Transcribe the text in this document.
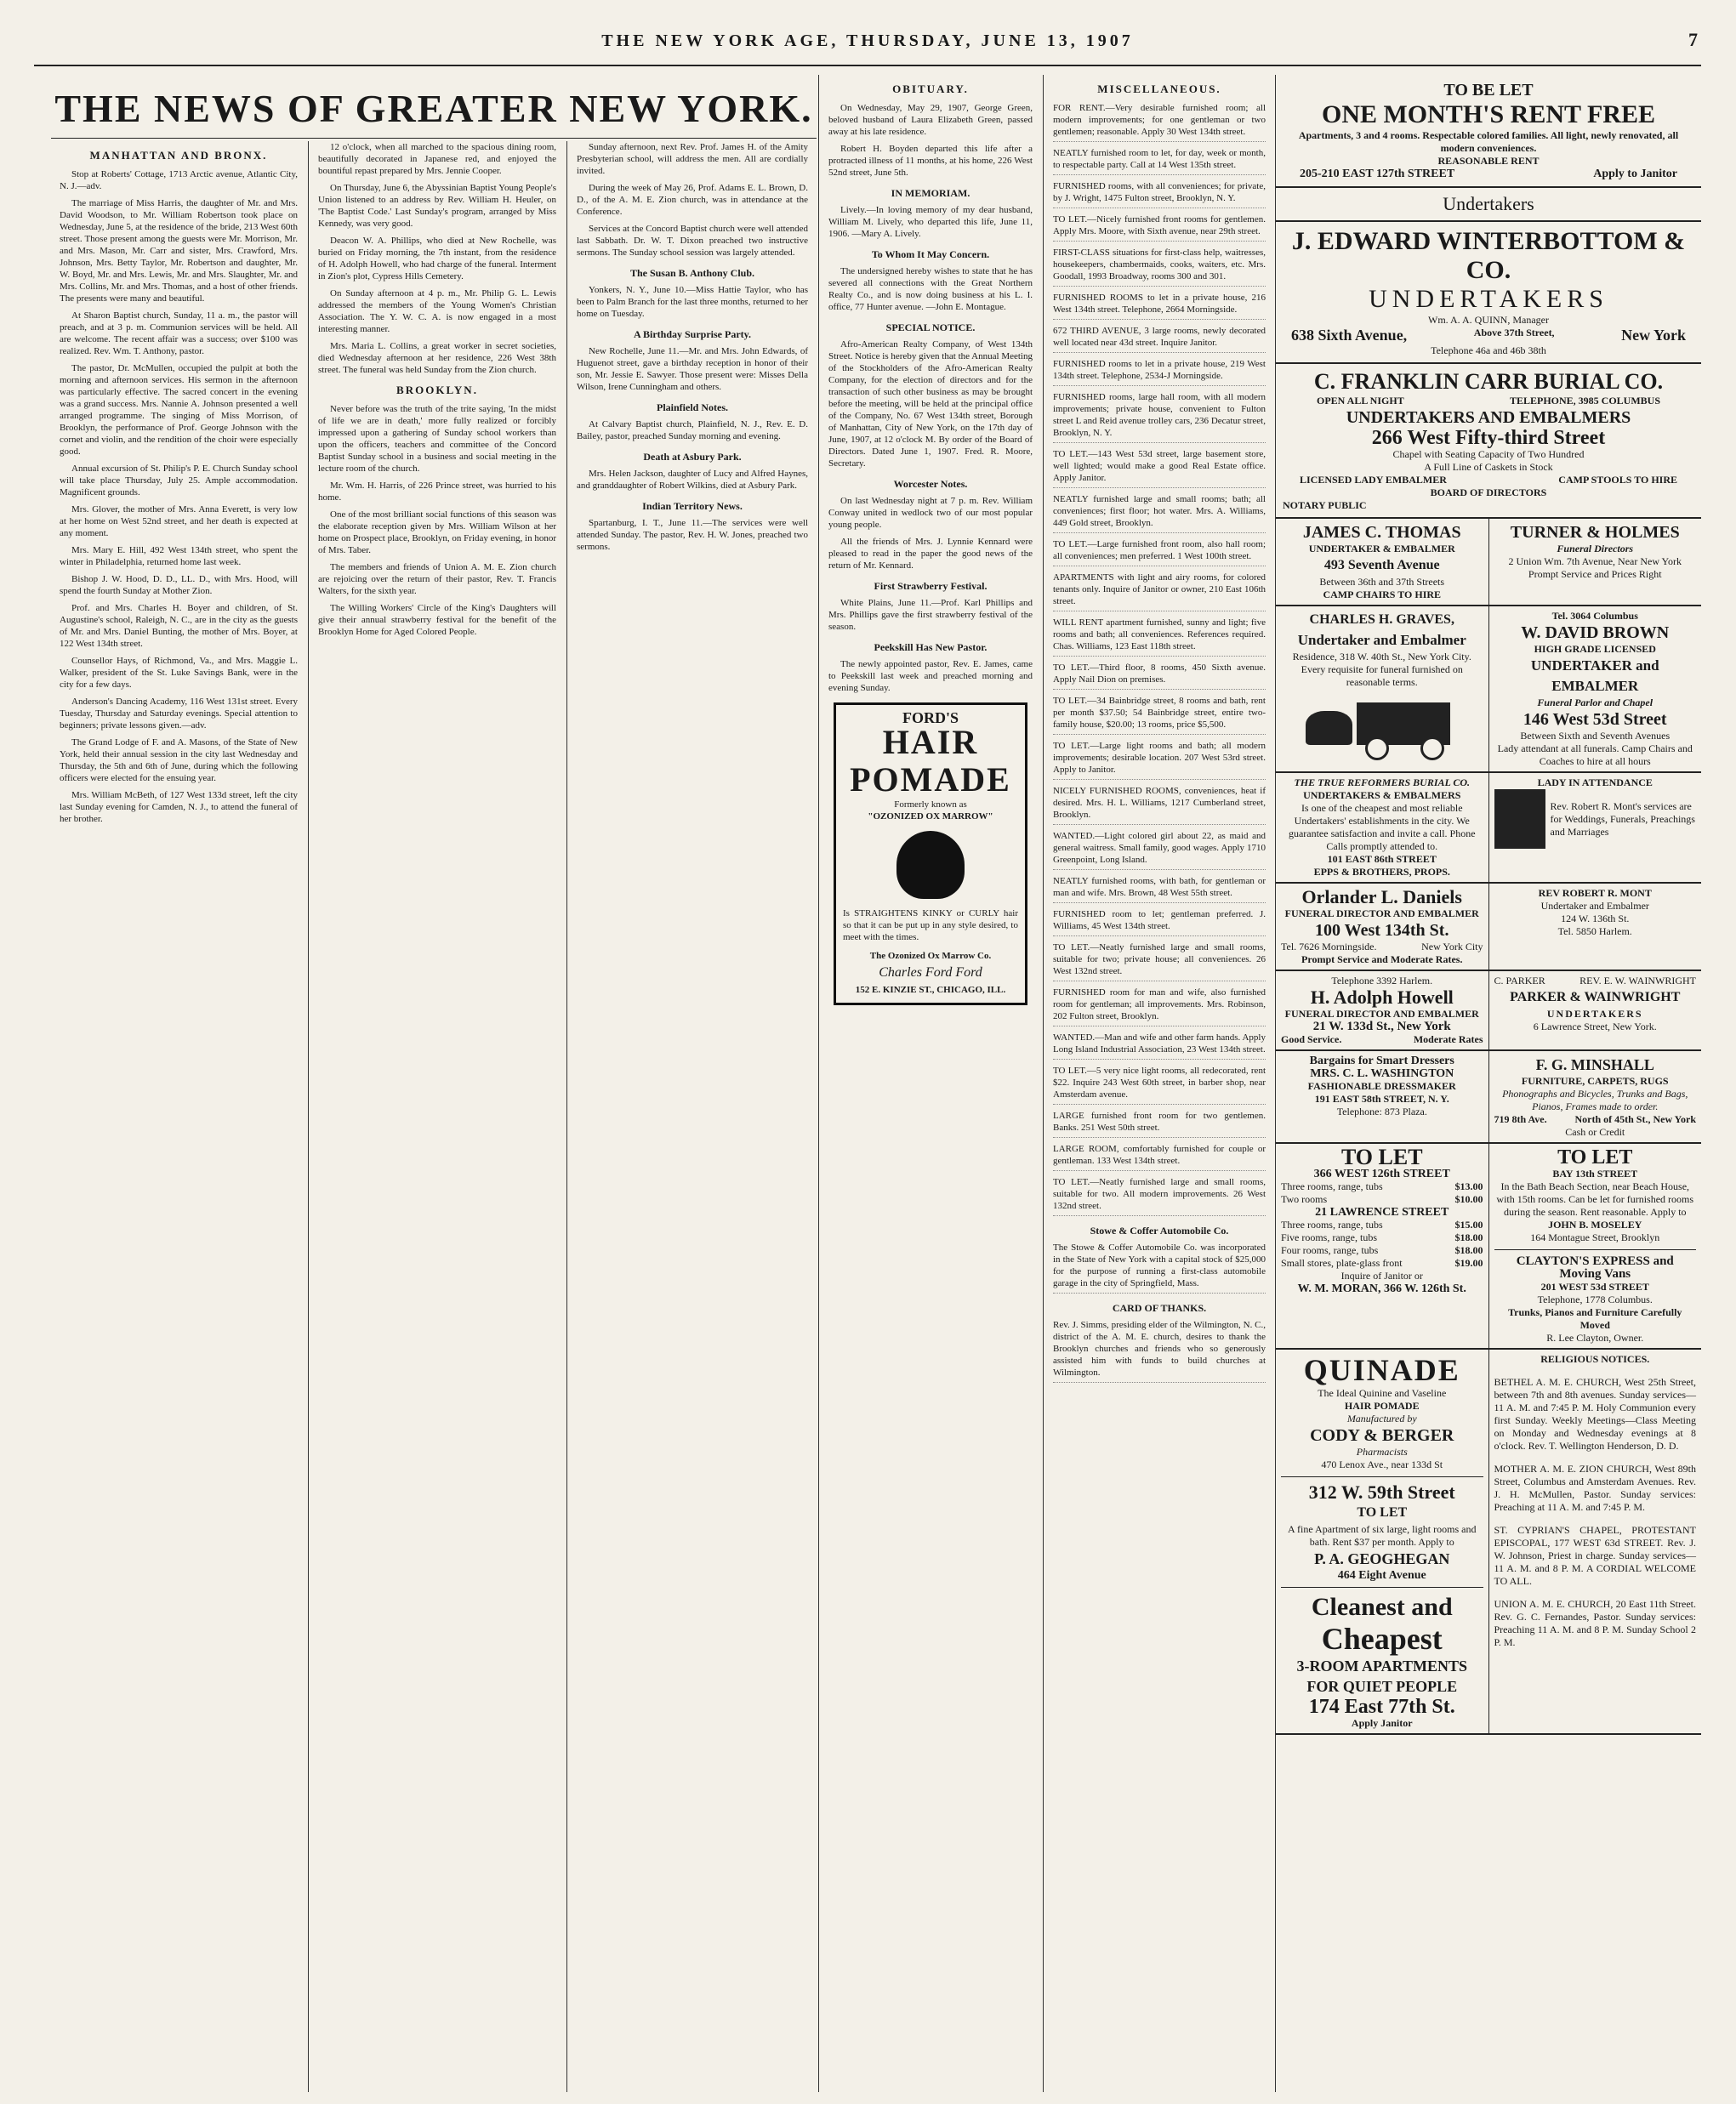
THE NEW YORK AGE, THURSDAY, JUNE 13, 1907	7
THE NEWS OF GREATER NEW YORK.
MANHATTAN AND BRONX.

Stop at Roberts' Cottage, 1713 Arctic avenue, Atlantic City, N. J.—adv.

The marriage of Miss Harris, the daughter of Mr. and Mrs. David Woodson, to Mr. William Robertson took place on Wednesday, June 5, at the residence of the bride, 213 West 60th street. Those present among the guests were Mr. Morrison, Mr. and Mrs. Mason, Mr. Carr and sister, Mrs. Crawford, Mrs. Johnson, Mrs. Betty Taylor, Mr. Robertson and daughter, Mr. W. Boyd, Mr. and Mrs. Lewis, Mr. and Mrs. Slaughter, Mr. and Mrs. Collins, Mr. and Mrs. Thomas, and a host of other friends. The presents were many and beautiful.

At Sharon Baptist church, Sunday, 11 a. m., the pastor will preach, and at 3 p. m. Communion services will be held. All are welcome. The recent affair was a success; over $100 was realized. Rev. Wm. T. Anthony, pastor.

The pastor, Dr. McMullen, occupied the pulpit at both the morning and afternoon services. His sermon in the afternoon was particularly effective. The sacred concert in the evening was a grand success. Mrs. Nannie A. Johnson presented a well arranged programme. The singing of Miss Morrison, of Brooklyn, the performance of Prof. George Johnson with the cornet and violin, and the rendition of the choir were especially good.

Annual excursion of St. Philip's P. E. Church Sunday school will take place Thursday, July 25. Ample accommodation. Magnificent grounds.

Mrs. Glover, the mother of Mrs. Anna Everett, is very low at her home on West 52nd street, and her death is expected at any moment.

Mrs. Mary E. Hill, 492 West 134th street, who spent the winter in Philadelphia, returned home last week.

Bishop J. W. Hood, D. D., LL. D., with Mrs. Hood, will spend the fourth Sunday at Mother Zion.

Prof. and Mrs. Charles H. Boyer and children, of St. Augustine's school, Raleigh, N. C., are in the city as the guests of Mr. and Mrs. Daniel Bunting, the mother of Mrs. Boyer, at 122 West 134th street.

Counsellor Hays, of Richmond, Va., and Mrs. Maggie L. Walker, president of the St. Luke Savings Bank, were in the city for a few days.

Anderson's Dancing Academy, 116 West 131st street. Every Tuesday, Thursday and Saturday evenings. Special attention to beginners; private lessons given.—adv.

The Grand Lodge of F. and A. Masons, of the State of New York, held their annual session in the city last Wednesday and Thursday, the 5th and 6th of June, during which the following officers were elected for the ensuing year.

Mrs. William McBeth, of 127 West 133d street, left the city last Sunday evening for Camden, N. J., to attend the funeral of her brother.

12 o'clock, when all marched to the spacious dining room, beautifully decorated in Japanese red, and enjoyed the bountiful repast prepared by Mrs. Jennie Cooper.

On Thursday, June 6, the Abyssinian Baptist Young People's Union listened to an address by Rev. William H. Heuler, on 'The Baptist Code.' Last Sunday's program, arranged by Miss Kennedy, was very good.

Deacon W. A. Phillips, who died at New Rochelle, was buried on Friday morning, the 7th instant, from the residence of H. Adolph Howell, who had charge of the funeral. Interment in Zion's plot, Cypress Hills Cemetery.

On Sunday afternoon at 4 p. m., Mr. Philip G. L. Lewis addressed the members of the Young Women's Christian Association. The Y. W. C. A. is now engaged in a most interesting manner.

Mrs. Maria L. Collins, a great worker in secret societies, died Wednesday afternoon at her residence, 226 West 38th street. The funeral was held Sunday from the Zion church.

BROOKLYN.

Never before was the truth of the trite saying, 'In the midst of life we are in death,' more fully realized or forcibly impressed upon a gathering of Sunday school workers than upon the officers, teachers and committee of the Concord Baptist Sunday school in a business and social meeting in the lecture room of the church.

Mr. Wm. H. Harris, of 226 Prince street, was hurried to his home.

One of the most brilliant social functions of this season was the elaborate reception given by Mrs. William Wilson at her home on Prospect place, Brooklyn, on Friday evening, in honor of Mrs. Taber.

The members and friends of Union A. M. E. Zion church are rejoicing over the return of their pastor, Rev. T. Francis Walters, for the sixth year.

The Willing Workers' Circle of the King's Daughters will give their annual strawberry festival for the benefit of the Brooklyn Home for Aged Colored People.

Sunday afternoon, next Rev. Prof. James H. of the Amity Presbyterian school, will address the men. All are cordially invited.

During the week of May 26, Prof. Adams E. L. Brown, D. D., of the A. M. E. Zion church, was in attendance at the Conference.

Services at the Concord Baptist church were well attended last Sabbath. Dr. W. T. Dixon preached two instructive sermons. The Sunday school session was largely attended.

The Susan B. Anthony Club.

Yonkers, N. Y., June 10.—Miss Hattie Taylor, who has been to Palm Branch for the last three months, returned to her home on Tuesday.

A Birthday Surprise Party.

New Rochelle, June 11.—Mr. and Mrs. John Edwards, of Huguenot street, gave a birthday reception in honor of their son, Mr. Jessie E. Sawyer. Those present were: Misses Della Wilson, Irene Cunningham and others.

Plainfield Notes.

At Calvary Baptist church, Plainfield, N. J., Rev. E. D. Bailey, pastor, preached Sunday morning and evening.

Death at Asbury Park.

Mrs. Helen Jackson, daughter of Lucy and Alfred Haynes, and granddaughter of Robert Wilkins, died at Asbury Park.

Indian Territory News.

Spartanburg, I. T., June 11.—The services were well attended Sunday. The pastor, Rev. H. W. Jones, preached two sermons.

OBITUARY.

On Wednesday, May 29, 1907, George Green, beloved husband of Laura Elizabeth Green, passed away at his late residence.

Robert H. Boyden departed this life after a protracted illness of 11 months, at his home, 226 West 52nd street, June 5th.

IN MEMORIAM.

Lively.—In loving memory of my dear husband, William M. Lively, who departed this life, June 11, 1906. —Mary A. Lively.

To Whom It May Concern.

The undersigned hereby wishes to state that he has severed all connections with the Great Northern Realty Co., and is now doing business at his L. I. office, 77 Hunter avenue. —John E. Montague.

SPECIAL NOTICE.

Afro-American Realty Company, of West 134th Street. Notice is hereby given that the Annual Meeting of the Stockholders of the Afro-American Realty Company, for the election of directors and for the transaction of such other business as may be brought before the meeting, will be held at the principal office of the Company, No. 67 West 134th street, Borough of Manhattan, City of New York, on the 17th day of June, 1907, at 12 o'clock M. By order of the Board of Directors. Dated June 1, 1907. Fred. R. Moore, Secretary.

Worcester Notes.

On last Wednesday night at 7 p. m. Rev. William Conway united in wedlock two of our most popular young people.

All the friends of Mrs. J. Lynnie Kennard were pleased to read in the paper the good news of the return of Mr. Kennard.

First Strawberry Festival.

White Plains, June 11.—Prof. Karl Phillips and Mrs. Phillips gave the first strawberry festival of the season.

Peekskill Has New Pastor.

The newly appointed pastor, Rev. E. James, came to Peekskill last week and preached morning and evening Sunday.

FORD'S
HAIR POMADE
Formerly known as
"OZONIZED OX MARROW"
Is STRAIGHTENS KINKY or CURLY hair so that it can be put up in any style desired, to meet with the times.
The Ozonized Ox Marrow Co.
Charles Ford Ford
152 E. KINZIE ST., CHICAGO, ILL.
MISCELLANEOUS.

FOR RENT.—Very desirable furnished room; all modern improvements; for one gentleman or two gentlemen; reasonable. Apply 30 West 134th street.

NEATLY furnished room to let, for day, week or month, to respectable party. Call at 14 West 135th street.

FURNISHED rooms, with all conveniences; for private, by J. Wright, 1475 Fulton street, Brooklyn, N. Y.

TO LET.—Nicely furnished front rooms for gentlemen. Apply Mrs. Moore, with Sixth avenue, near 29th street.

FIRST-CLASS situations for first-class help, waitresses, housekeepers, chambermaids, cooks, waiters, etc. Mrs. Goodall, 1993 Broadway, rooms 300 and 301.

FURNISHED ROOMS to let in a private house, 216 West 134th street. Telephone, 2664 Morningside.

672 THIRD AVENUE, 3 large rooms, newly decorated well located near 43d street. Inquire Janitor.

FURNISHED rooms to let in a private house, 219 West 134th street. Telephone, 2534-J Morningside.

FURNISHED rooms, large hall room, with all modern improvements; private house, convenient to Fulton street L and Reid avenue trolley cars, 236 Decatur street, Brooklyn, N. Y.

TO LET.—143 West 53d street, large basement store, well lighted; would make a good Real Estate office. Apply Janitor.

NEATLY furnished large and small rooms; bath; all conveniences; first floor; hot water. Mrs. A. Williams, 449 Gold street, Brooklyn.

TO LET.—Large furnished front room, also hall room; all conveniences; men preferred. 1 West 100th street.

APARTMENTS with light and airy rooms, for colored tenants only. Inquire of Janitor or owner, 210 East 106th street.

WILL RENT apartment furnished, sunny and light; five rooms and bath; all conveniences. References required. Chas. Williams, 123 East 118th street.

TO LET.—Third floor, 8 rooms, 450 Sixth avenue. Apply Nail Dion on premises.

TO LET.—34 Bainbridge street, 8 rooms and bath, rent per month $37.50; 54 Bainbridge street, entire two-family house, $20.00; 13 rooms, price $5,500.

TO LET.—Large light rooms and bath; all modern improvements; desirable location. 207 West 53rd street. Apply to Janitor.

NICELY FURNISHED ROOMS, conveniences, heat if desired. Mrs. H. L. Williams, 1217 Cumberland street, Brooklyn.

WANTED.—Light colored girl about 22, as maid and general waitress. Small family, good wages. Apply 1710 Greenpoint, Long Island.

NEATLY furnished rooms, with bath, for gentleman or man and wife. Mrs. Brown, 48 West 55th street.

FURNISHED room to let; gentleman preferred. J. Williams, 45 West 134th street.

TO LET.—Neatly furnished large and small rooms, suitable for two; private house; all conveniences. 26 West 132nd street.

FURNISHED room for man and wife, also furnished room for gentleman; all improvements. Mrs. Robinson, 202 Fulton street, Brooklyn.

WANTED.—Man and wife and other farm hands. Apply Long Island Industrial Association, 23 West 134th street.

TO LET.—5 very nice light rooms, all redecorated, rent $22. Inquire 243 West 60th street, in barber shop, near Amsterdam avenue.

LARGE furnished front room for two gentlemen. Banks. 251 West 50th street.

LARGE ROOM, comfortably furnished for couple or gentleman. 133 West 134th street.

TO LET.—Neatly furnished large and small rooms, suitable for two. All modern improvements. 26 West 132nd street.

Stowe & Coffer Automobile Co.

The Stowe & Coffer Automobile Co. was incorporated in the State of New York with a capital stock of $25,000 for the purpose of running a first-class automobile garage in the city of Springfield, Mass.

CARD OF THANKS.

Rev. J. Simms, presiding elder of the Wilmington, N. C., district of the A. M. E. church, desires to thank the Brooklyn churches and friends who so generously assisted him with funds to build churches at Wilmington.

TO BE LET
ONE MONTH'S RENT FREE
Apartments, 3 and 4 rooms. Respectable colored families. All light, newly renovated, all modern conveniences.
REASONABLE RENT
205-210 EAST 127th STREET	Apply to Janitor
Undertakers
J. EDWARD WINTERBOTTOM & CO.
UNDERTAKERS
Wm. A. A. QUINN, Manager
638 Sixth Avenue,	Above 37th Street,	New York
Telephone 46a and 46b 38th
C. FRANKLIN CARR BURIAL CO.
OPEN ALL NIGHT	TELEPHONE, 3985 COLUMBUS
UNDERTAKERS AND EMBALMERS
266 West Fifty-third Street
Chapel with Seating Capacity of Two Hundred
A Full Line of Caskets in Stock
LICENSED LADY EMBALMER	CAMP STOOLS TO HIRE
BOARD OF DIRECTORS
NOTARY PUBLIC
JAMES C. THOMAS
UNDERTAKER & EMBALMER
493 Seventh Avenue
Between 36th and 37th Streets
CAMP CHAIRS TO HIRE
TURNER & HOLMES
Funeral Directors
2 Union Wm. 7th Avenue, Near New York
Prompt Service and Prices Right
CHARLES H. GRAVES,
Undertaker and Embalmer
Residence, 318 W. 40th St., New York City. Every requisite for funeral furnished on reasonable terms.
Tel. 3064 Columbus
W. DAVID BROWN
HIGH GRADE LICENSED
UNDERTAKER and EMBALMER
Funeral Parlor and Chapel
146 West 53d Street
Between Sixth and Seventh Avenues
Lady attendant at all funerals. Camp Chairs and Coaches to hire at all hours
THE TRUE REFORMERS BURIAL CO.
UNDERTAKERS & EMBALMERS
Is one of the cheapest and most reliable Undertakers' establishments in the city. We guarantee satisfaction and invite a call. Phone Calls promptly attended to.
101 EAST 86th STREET
EPPS & BROTHERS, PROPS.
LADY IN ATTENDANCE
Rev. Robert R. Mont's services are for Weddings, Funerals, Preachings and Marriages
Orlander L. Daniels
FUNERAL DIRECTOR AND EMBALMER
100 West 134th St.
Tel. 7626 Morningside.	New York City
Prompt Service and Moderate Rates.
REV ROBERT R. MONT
Undertaker and Embalmer
124 W. 136th St.
Tel. 5850 Harlem.
Telephone 3392 Harlem.
H. Adolph Howell
FUNERAL DIRECTOR AND EMBALMER
21 W. 133d St., New York
Good Service.	Moderate Rates
C. PARKER	REV. E. W. WAINWRIGHT
PARKER & WAINWRIGHT
UNDERTAKERS
6 Lawrence Street, New York.
Bargains for Smart Dressers
MRS. C. L. WASHINGTON
FASHIONABLE DRESSMAKER
191 EAST 58th STREET, N. Y.
Telephone: 873 Plaza.
F. G. MINSHALL
FURNITURE, CARPETS, RUGS
Phonographs and Bicycles, Trunks and Bags, Pianos, Frames made to order.
719 8th Ave.	North of 45th St., New York
Cash or Credit
TO LET
366 WEST 126th STREET
Three rooms, range, tubs	$13.00
Two rooms	$10.00
21 LAWRENCE STREET
Three rooms, range, tubs	$15.00
Five rooms, range, tubs	$18.00
Four rooms, range, tubs	$18.00
Small stores, plate-glass front	$19.00
Inquire of Janitor or
W. M. MORAN, 366 W. 126th St.
TO LET
BAY 13th STREET
In the Bath Beach Section, near Beach House, with 15th rooms. Can be let for furnished rooms during the season. Rent reasonable. Apply to
JOHN B. MOSELEY
164 Montague Street, Brooklyn
CLAYTON'S EXPRESS and Moving Vans
201 WEST 53d STREET
Telephone, 1778 Columbus.
Trunks, Pianos and Furniture Carefully Moved
R. Lee Clayton, Owner.
QUINADE
The Ideal Quinine and Vaseline
HAIR POMADE
Manufactured by
CODY & BERGER
Pharmacists
470 Lenox Ave., near 133d St
312 W. 59th Street
TO LET
A fine Apartment of six large, light rooms and bath. Rent $37 per month. Apply to
P. A. GEOGHEGAN
464 Eight Avenue
Cleanest and
Cheapest
3-ROOM APARTMENTS
FOR QUIET PEOPLE
174 East 77th St.
Apply Janitor
RELIGIOUS NOTICES.

BETHEL A. M. E. CHURCH, West 25th Street, between 7th and 8th avenues. Sunday services—11 A. M. and 7:45 P. M. Holy Communion every first Sunday. Weekly Meetings—Class Meeting on Monday and Wednesday evenings at 8 o'clock. Rev. T. Wellington Henderson, D. D.

MOTHER A. M. E. ZION CHURCH, West 89th Street, Columbus and Amsterdam Avenues. Rev. J. H. McMullen, Pastor. Sunday services: Preaching at 11 A. M. and 7:45 P. M.

ST. CYPRIAN'S CHAPEL, PROTESTANT EPISCOPAL, 177 WEST 63d STREET. Rev. J. W. Johnson, Priest in charge. Sunday services—11 A. M. and 8 P. M. A CORDIAL WELCOME TO ALL.

UNION A. M. E. CHURCH, 20 East 11th Street. Rev. G. C. Fernandes, Pastor. Sunday services: Preaching 11 A. M. and 8 P. M. Sunday School 2 P. M.
